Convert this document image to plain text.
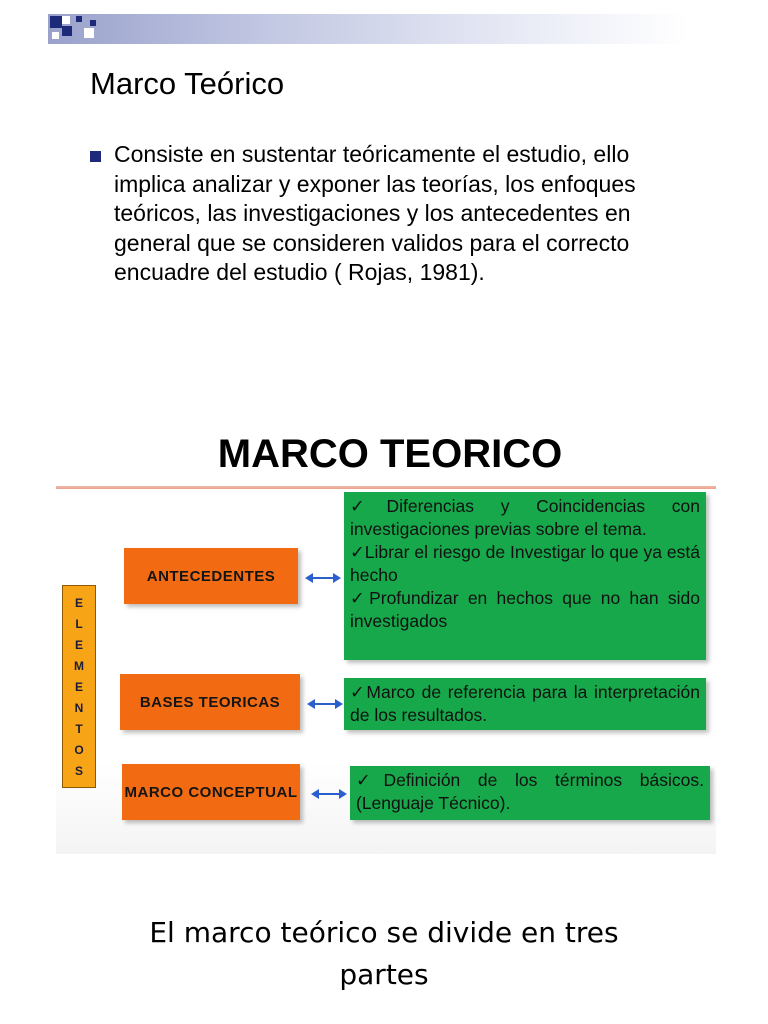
Marco Teórico

Consiste en sustentar teóricamente el estudio, ello implica analizar y exponer las teorías, los enfoques teóricos, las investigaciones y los antecedentes en general que se consideren validos para el correcto encuadre del estudio ( Rojas, 1981).

MARCO TEORICO
E
L
E
M
E
N
T
O
S
ANTECEDENTES
✓Diferencias y Coincidencias con investigaciones previas sobre el tema.
✓Librar el riesgo de Investigar lo que ya está hecho
✓Profundizar en hechos que no han sido investigados
BASES TEORICAS	✓Marco de referencia para la interpretación de los resultados.
MARCO CONCEPTUAL
✓Definición de los términos básicos. (Lenguaje Técnico).

El marco teórico se divide en tres
partes
